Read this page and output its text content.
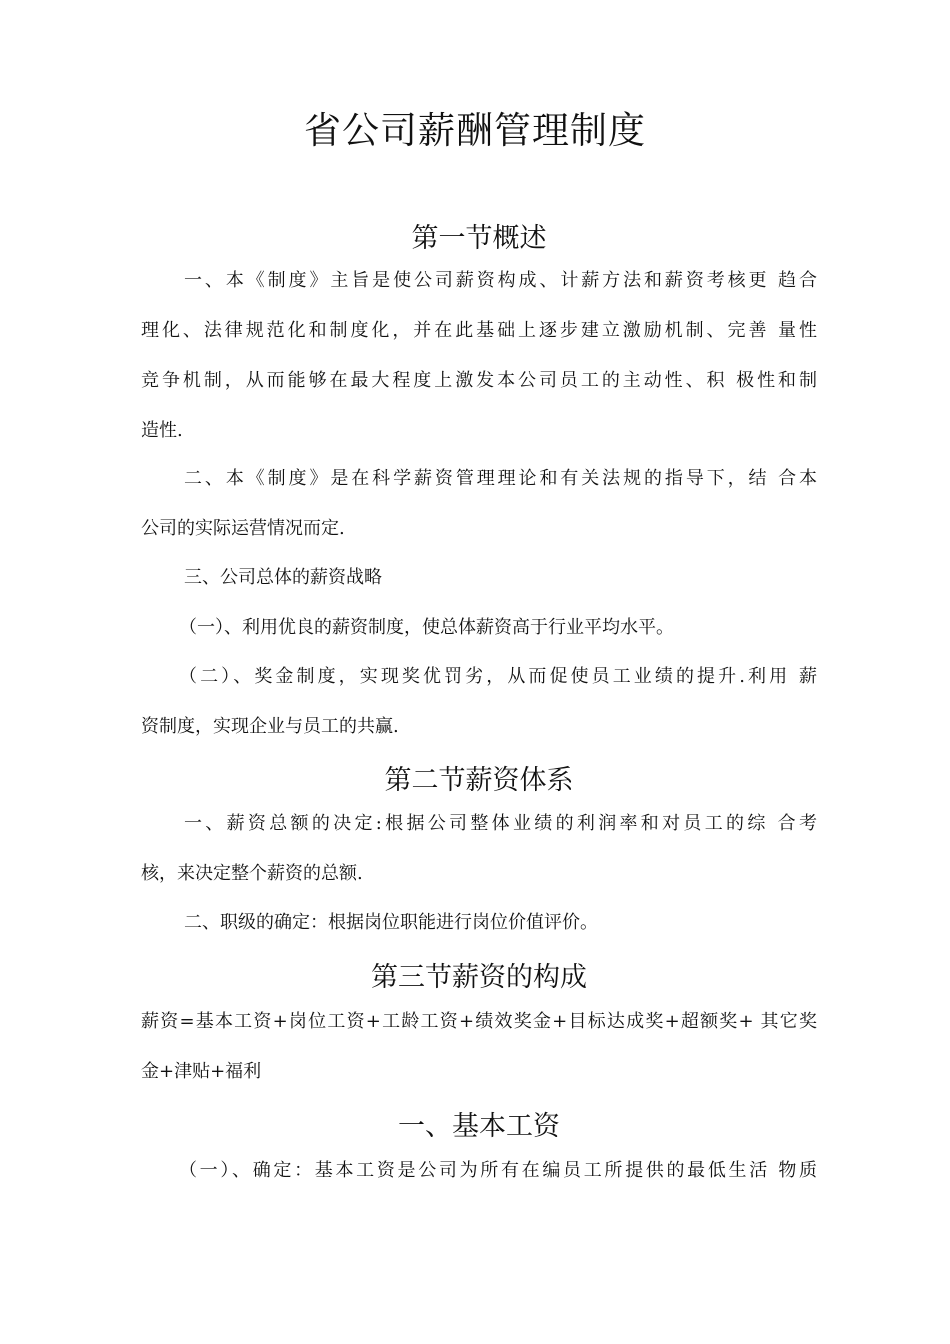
省公司薪酬管理制度
第一节概述
一、本《制度》主旨是使公司薪资构成、计薪方法和薪资考核更 趋合
理化、法律规范化和制度化，并在此基础上逐步建立激励机制、完善 量性
竞争机制，从而能够在最大程度上激发本公司员工的主动性、积 极性和制
造性.
二、本《制度》是在科学薪资管理理论和有关法规的指导下，结 合本
公司的实际运营情况而定.
三、公司总体的薪资战略
（一）、利用优良的薪资制度，使总体薪资高于行业平均水平。
（二）、奖金制度，实现奖优罚劣，从而促使员工业绩的提升.利用 薪
资制度，实现企业与员工的共赢.
第二节薪资体系
一、薪资总额的决定:根据公司整体业绩的利润率和对员工的综 合考
核，来决定整个薪资的总额.
二、职级的确定：根据岗位职能进行岗位价值评价。
第三节薪资的构成
薪资=基本工资+岗位工资+工龄工资+绩效奖金+目标达成奖+超额奖+ 其它奖
金+津贴+福利
一、基本工资
（一）、确定：基本工资是公司为所有在编员工所提供的最低生活 物质
